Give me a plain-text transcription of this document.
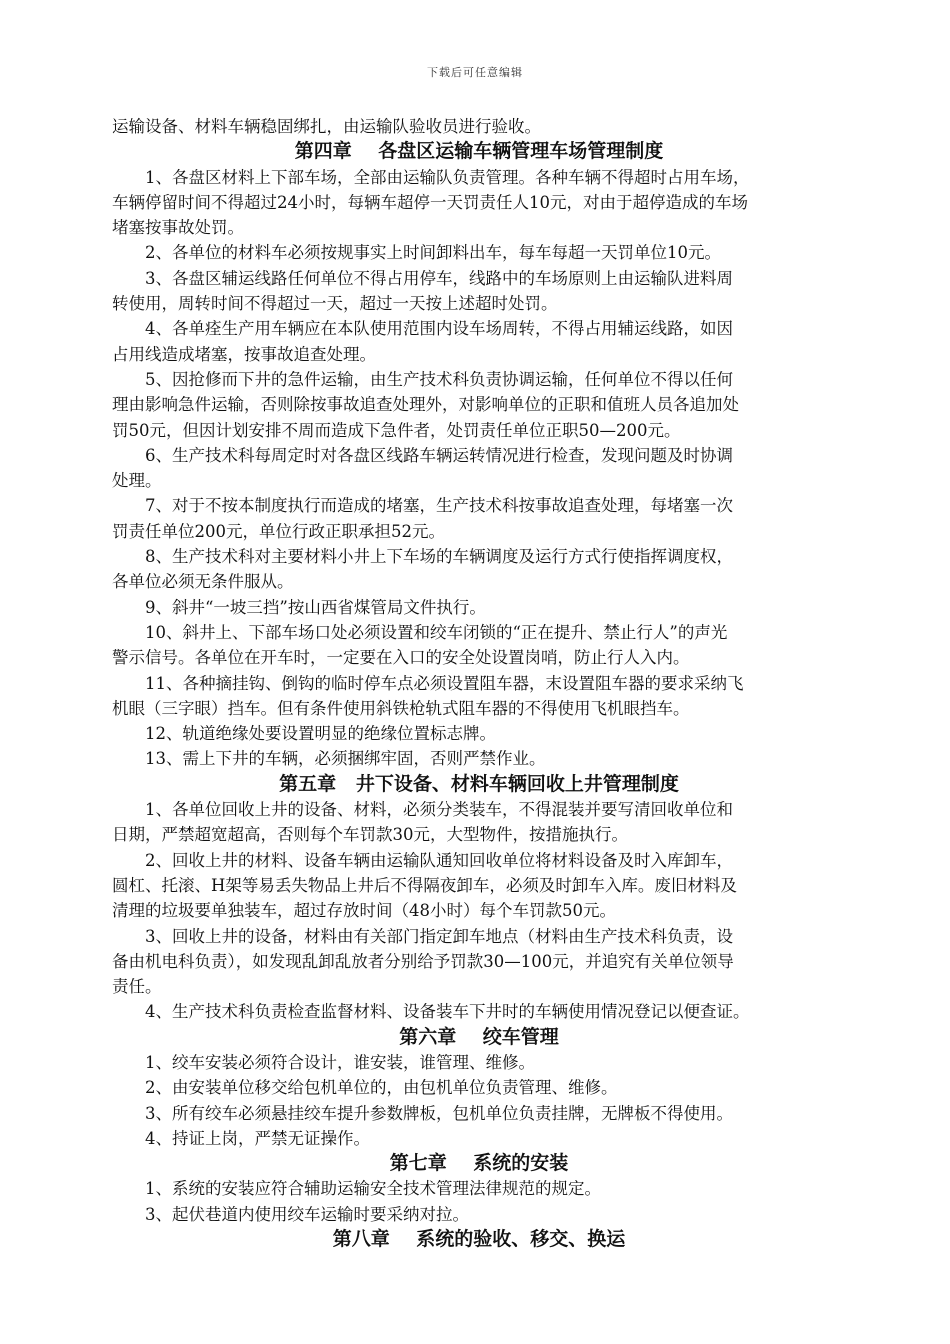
下载后可任意编辑
运输设备、材料车辆稳固绑扎，由运输队验收员进行验收。
第四章    各盘区运输车辆管理车场管理制度
1、各盘区材料上下部车场，全部由运输队负责管理。各种车辆不得超时占用车场，
车辆停留时间不得超过24小时，每辆车超停一天罚责任人10元，对由于超停造成的车场
堵塞按事故处罚。
2、各单位的材料车必须按规事实上时间卸料出车，每车每超一天罚单位10元。
3、各盘区辅运线路任何单位不得占用停车，线路中的车场原则上由运输队进料周
转使用，周转时间不得超过一天，超过一天按上述超时处罚。
4、各单痊生产用车辆应在本队使用范围内设车场周转，不得占用辅运线路，如因
占用线造成堵塞，按事故追查处理。
5、因抢修而下井的急件运输，由生产技术科负责协调运输，任何单位不得以任何
理由影响急件运输，否则除按事故追查处理外，对影响单位的正职和值班人员各追加处
罚50元，但因计划安排不周而造成下急件者，处罚责任单位正职50—200元。
6、生产技术科每周定时对各盘区线路车辆运转情况进行检查，发现问题及时协调
处理。
7、对于不按本制度执行而造成的堵塞，生产技术科按事故追查处理，每堵塞一次
罚责任单位200元，单位行政正职承担52元。
8、生产技术科对主要材料小井上下车场的车辆调度及运行方式行使指挥调度权，
各单位必须无条件服从。
9、斜井“一坡三挡”按山西省煤管局文件执行。
10、斜井上、下部车场口处必须设置和绞车闭锁的“正在提升、禁止行人”的声光
警示信号。各单位在开车时，一定要在入口的安全处设置岗哨，防止行人入内。
11、各种摘挂钩、倒钩的临时停车点必须设置阻车器，末设置阻车器的要求采纳飞
机眼（三字眼）挡车。但有条件使用斜铁枪轨式阻车器的不得使用飞机眼挡车。
12、轨道绝缘处要设置明显的绝缘位置标志牌。
13、需上下井的车辆，必须捆绑牢固，否则严禁作业。
第五章   井下设备、材料车辆回收上井管理制度
1、各单位回收上井的设备、材料，必须分类装车，不得混装并要写清回收单位和
日期，严禁超宽超高，否则每个车罚款30元，大型物件，按措施执行。
2、回收上井的材料、设备车辆由运输队通知回收单位将材料设备及时入库卸车，
圆杠、托滚、H架等易丢失物品上井后不得隔夜卸车，必须及时卸车入库。废旧材料及
清理的垃圾要单独装车，超过存放时间（48小时）每个车罚款50元。
3、回收上井的设备，材料由有关部门指定卸车地点（材料由生产技术科负责，设
备由机电科负责），如发现乱卸乱放者分别给予罚款30—100元，并追究有关单位领导
责任。
4、生产技术科负责检查监督材料、设备装车下井时的车辆使用情况登记以便查证。
第六章    绞车管理
1、绞车安装必须符合设计，谁安装，谁管理、维修。
2、由安装单位移交给包机单位的，由包机单位负责管理、维修。
3、所有绞车必须悬挂绞车提升参数牌板，包机单位负责挂牌，无牌板不得使用。
4、持证上岗，严禁无证操作。
第七章    系统的安装
1、系统的安装应符合辅助运输安全技术管理法律规范的规定。
3、起伏巷道内使用绞车运输时要采纳对拉。
第八章    系统的验收、移交、换运
